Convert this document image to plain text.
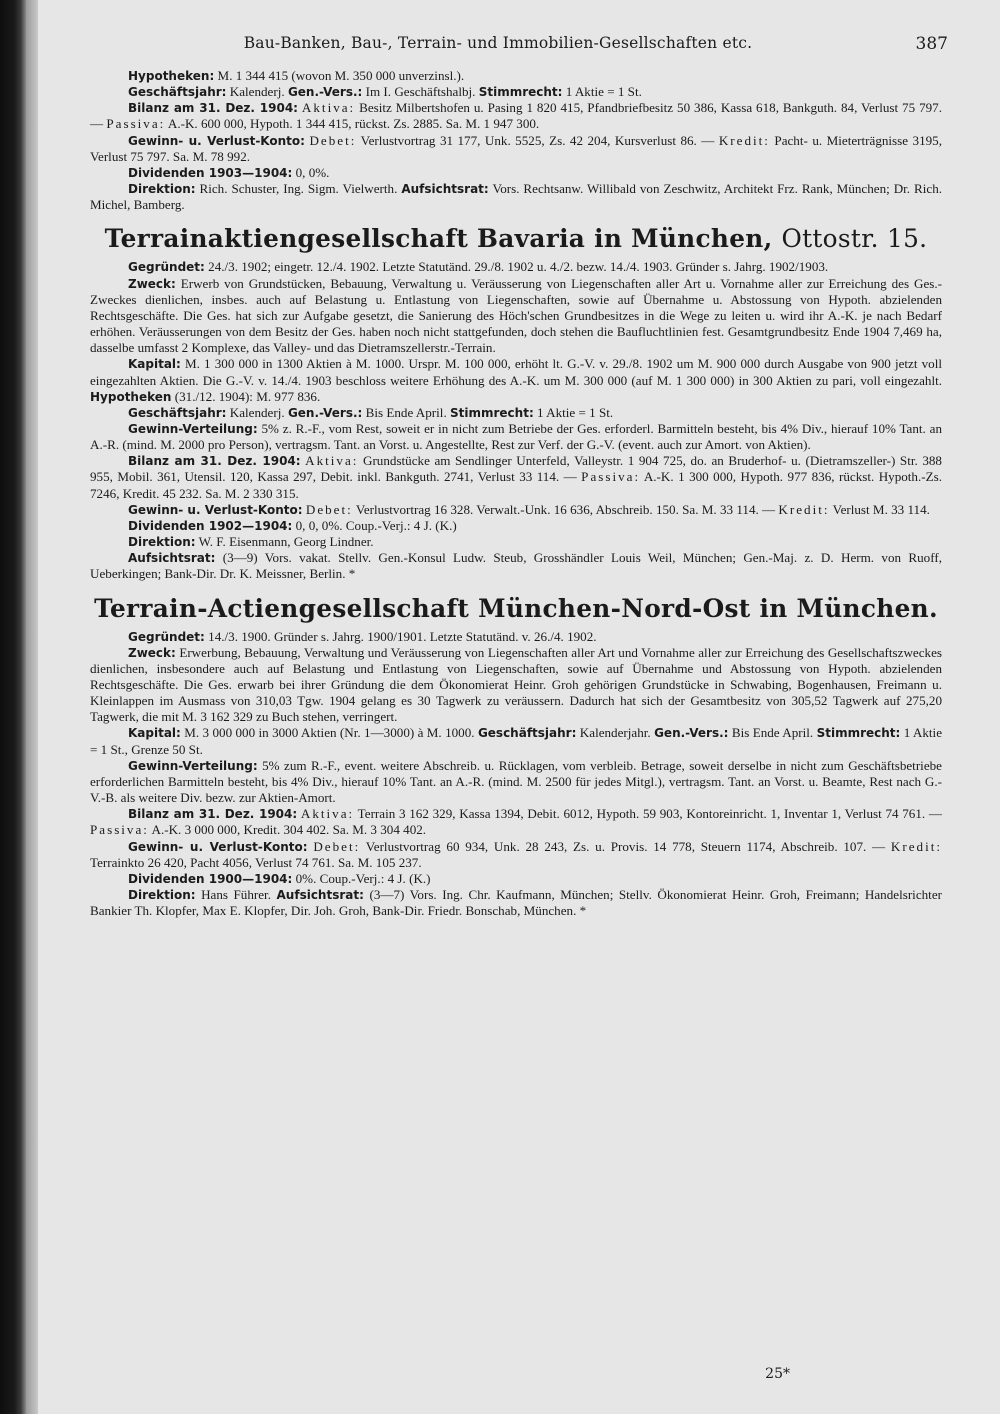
Bau-Banken, Bau-, Terrain- und Immobilien-Gesellschaften etc.	387

Hypotheken: M. 1 344 415 (wovon M. 350 000 unverzinsl.).

Geschäftsjahr: Kalenderj. Gen.-Vers.: Im I. Geschäftshalbj. Stimmrecht: 1 Aktie = 1 St.

Bilanz am 31. Dez. 1904: Aktiva: Besitz Milbertshofen u. Pasing 1 820 415, Pfandbriefbesitz 50 386, Kassa 618, Bankguth. 84, Verlust 75 797. — Passiva: A.-K. 600 000, Hypoth. 1 344 415, rückst. Zs. 2885. Sa. M. 1 947 300.

Gewinn- u. Verlust-Konto: Debet: Verlustvortrag 31 177, Unk. 5525, Zs. 42 204, Kursverlust 86. — Kredit: Pacht- u. Mieterträgnisse 3195, Verlust 75 797. Sa. M. 78 992.

Dividenden 1903—1904: 0, 0%.

Direktion: Rich. Schuster, Ing. Sigm. Vielwerth. Aufsichtsrat: Vors. Rechtsanw. Willibald von Zeschwitz, Architekt Frz. Rank, München; Dr. Rich. Michel, Bamberg.

Terrainaktiengesellschaft Bavaria in München, Ottostr. 15.

Gegründet: 24./3. 1902; eingetr. 12./4. 1902. Letzte Statutänd. 29./8. 1902 u. 4./2. bezw. 14./4. 1903. Gründer s. Jahrg. 1902/1903.

Zweck: Erwerb von Grundstücken, Bebauung, Verwaltung u. Veräusserung von Liegenschaften aller Art u. Vornahme aller zur Erreichung des Ges.-Zweckes dienlichen, insbes. auch auf Belastung u. Entlastung von Liegenschaften, sowie auf Übernahme u. Abstossung von Hypoth. abzielenden Rechtsgeschäfte. Die Ges. hat sich zur Aufgabe gesetzt, die Sanierung des Höch'schen Grundbesitzes in die Wege zu leiten u. wird ihr A.-K. je nach Bedarf erhöhen. Veräusserungen von dem Besitz der Ges. haben noch nicht stattgefunden, doch stehen die Baufluchtlinien fest. Gesamtgrundbesitz Ende 1904 7,469 ha, dasselbe umfasst 2 Komplexe, das Valley- und das Dietramszellerstr.-Terrain.

Kapital: M. 1 300 000 in 1300 Aktien à M. 1000. Urspr. M. 100 000, erhöht lt. G.-V. v. 29./8. 1902 um M. 900 000 durch Ausgabe von 900 jetzt voll eingezahlten Aktien. Die G.-V. v. 14./4. 1903 beschloss weitere Erhöhung des A.-K. um M. 300 000 (auf M. 1 300 000) in 300 Aktien zu pari, voll eingezahlt. Hypotheken (31./12. 1904): M. 977 836.

Geschäftsjahr: Kalenderj. Gen.-Vers.: Bis Ende April. Stimmrecht: 1 Aktie = 1 St.

Gewinn-Verteilung: 5% z. R.-F., vom Rest, soweit er in nicht zum Betriebe der Ges. erforderl. Barmitteln besteht, bis 4% Div., hierauf 10% Tant. an A.-R. (mind. M. 2000 pro Person), vertragsm. Tant. an Vorst. u. Angestellte, Rest zur Verf. der G.-V. (event. auch zur Amort. von Aktien).

Bilanz am 31. Dez. 1904: Aktiva: Grundstücke am Sendlinger Unterfeld, Valleystr. 1 904 725, do. an Bruderhof- u. (Dietramszeller-) Str. 388 955, Mobil. 361, Utensil. 120, Kassa 297, Debit. inkl. Bankguth. 2741, Verlust 33 114. — Passiva: A.-K. 1 300 000, Hypoth. 977 836, rückst. Hypoth.-Zs. 7246, Kredit. 45 232. Sa. M. 2 330 315.

Gewinn- u. Verlust-Konto: Debet: Verlustvortrag 16 328. Verwalt.-Unk. 16 636, Abschreib. 150. Sa. M. 33 114. — Kredit: Verlust M. 33 114.

Dividenden 1902—1904: 0, 0, 0%. Coup.-Verj.: 4 J. (K.)

Direktion: W. F. Eisenmann, Georg Lindner.

Aufsichtsrat: (3—9) Vors. vakat. Stellv. Gen.-Konsul Ludw. Steub, Grosshändler Louis Weil, München; Gen.-Maj. z. D. Herm. von Ruoff, Ueberkingen; Bank-Dir. Dr. K. Meissner, Berlin. *

Terrain-Actiengesellschaft München-Nord-Ost in München.

Gegründet: 14./3. 1900. Gründer s. Jahrg. 1900/1901. Letzte Statutänd. v. 26./4. 1902.

Zweck: Erwerbung, Bebauung, Verwaltung und Veräusserung von Liegenschaften aller Art und Vornahme aller zur Erreichung des Gesellschaftszweckes dienlichen, insbesondere auch auf Belastung und Entlastung von Liegenschaften, sowie auf Übernahme und Abstossung von Hypoth. abzielenden Rechtsgeschäfte. Die Ges. erwarb bei ihrer Gründung die dem Ökonomierat Heinr. Groh gehörigen Grundstücke in Schwabing, Bogenhausen, Freimann u. Kleinlappen im Ausmass von 310,03 Tgw. 1904 gelang es 30 Tagwerk zu veräussern. Dadurch hat sich der Gesamtbesitz von 305,52 Tagwerk auf 275,20 Tagwerk, die mit M. 3 162 329 zu Buch stehen, verringert.

Kapital: M. 3 000 000 in 3000 Aktien (Nr. 1—3000) à M. 1000. Geschäftsjahr: Kalenderjahr. Gen.-Vers.: Bis Ende April. Stimmrecht: 1 Aktie = 1 St., Grenze 50 St.

Gewinn-Verteilung: 5% zum R.-F., event. weitere Abschreib. u. Rücklagen, vom verbleib. Betrage, soweit derselbe in nicht zum Geschäftsbetriebe erforderlichen Barmitteln besteht, bis 4% Div., hierauf 10% Tant. an A.-R. (mind. M. 2500 für jedes Mitgl.), vertragsm. Tant. an Vorst. u. Beamte, Rest nach G.-V.-B. als weitere Div. bezw. zur Aktien-Amort.

Bilanz am 31. Dez. 1904: Aktiva: Terrain 3 162 329, Kassa 1394, Debit. 6012, Hypoth. 59 903, Kontoreinricht. 1, Inventar 1, Verlust 74 761. — Passiva: A.-K. 3 000 000, Kredit. 304 402. Sa. M. 3 304 402.

Gewinn- u. Verlust-Konto: Debet: Verlustvortrag 60 934, Unk. 28 243, Zs. u. Provis. 14 778, Steuern 1174, Abschreib. 107. — Kredit: Terrainkto 26 420, Pacht 4056, Verlust 74 761. Sa. M. 105 237.

Dividenden 1900—1904: 0%. Coup.-Verj.: 4 J. (K.)

Direktion: Hans Führer. Aufsichtsrat: (3—7) Vors. Ing. Chr. Kaufmann, München; Stellv. Ökonomierat Heinr. Groh, Freimann; Handelsrichter Bankier Th. Klopfer, Max E. Klopfer, Dir. Joh. Groh, Bank-Dir. Friedr. Bonschab, München. *

25*
